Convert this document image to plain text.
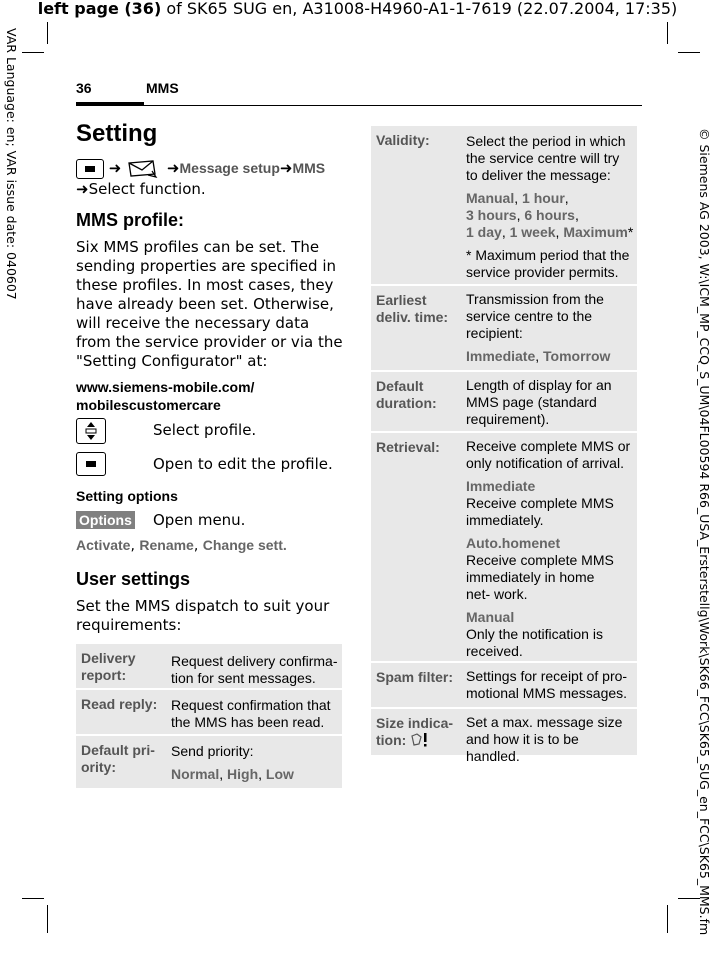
left page (36) of SK65 SUG en, A31008-H4960-A1-1-7619 (22.07.2004, 17:35)
VAR Language: en; VAR issue date: 040607	© Siemens AG 2003, W:\ICM_MP_CCQ_S_UM\04FL00594 R66_USA_Ersterstellg\Work\SK66_FCC\SK65_SUG_en_FCC\SK65_MMS.fm
36	MMS
Setting
➜	➜Message setup➜MMS
➜Select function.
MMS profile:
Six MMS profiles can be set. The sending properties are specified in these profiles. In most cases, they have already been set. Otherwise, will receive the necessary data from the service provider or via the "Setting Configurator" at:
www.siemens-mobile.com/ mobilescustomercare
Select profile.
Open to edit the profile.
Setting options
Options Open menu.
Activate, Rename, Change sett.
User settings
Set the MMS dispatch to suit your requirements:
Delivery report:
Request delivery confirma- tion for sent messages.
Read reply: Request confirmation that the MMS has been read.
Default pri- ority:

Send priority:

Normal, High, Low
Validity:	Select the period in which the service centre will try to deliver the message:

Manual, 1 hour,
3 hours, 6 hours,
1 day, 1 week, Maximum*

* Maximum period that the service provider permits.

Earliest deliv. time:

Transmission from the service centre to the recipient:

Immediate, Tomorrow
Default duration:
Length of display for an MMS page (standard requirement).
Retrieval:	Receive complete MMS or only notification of arrival.

Immediate
Receive complete MMS immediately.

Auto.homenet
Receive complete MMS immediately in home net- work.

Manual
Only the notification is received.

Spam filter: Settings for receipt of pro- motional MMS messages.
Size indica- tion:
Set a max. message size and how it is to be handled.
